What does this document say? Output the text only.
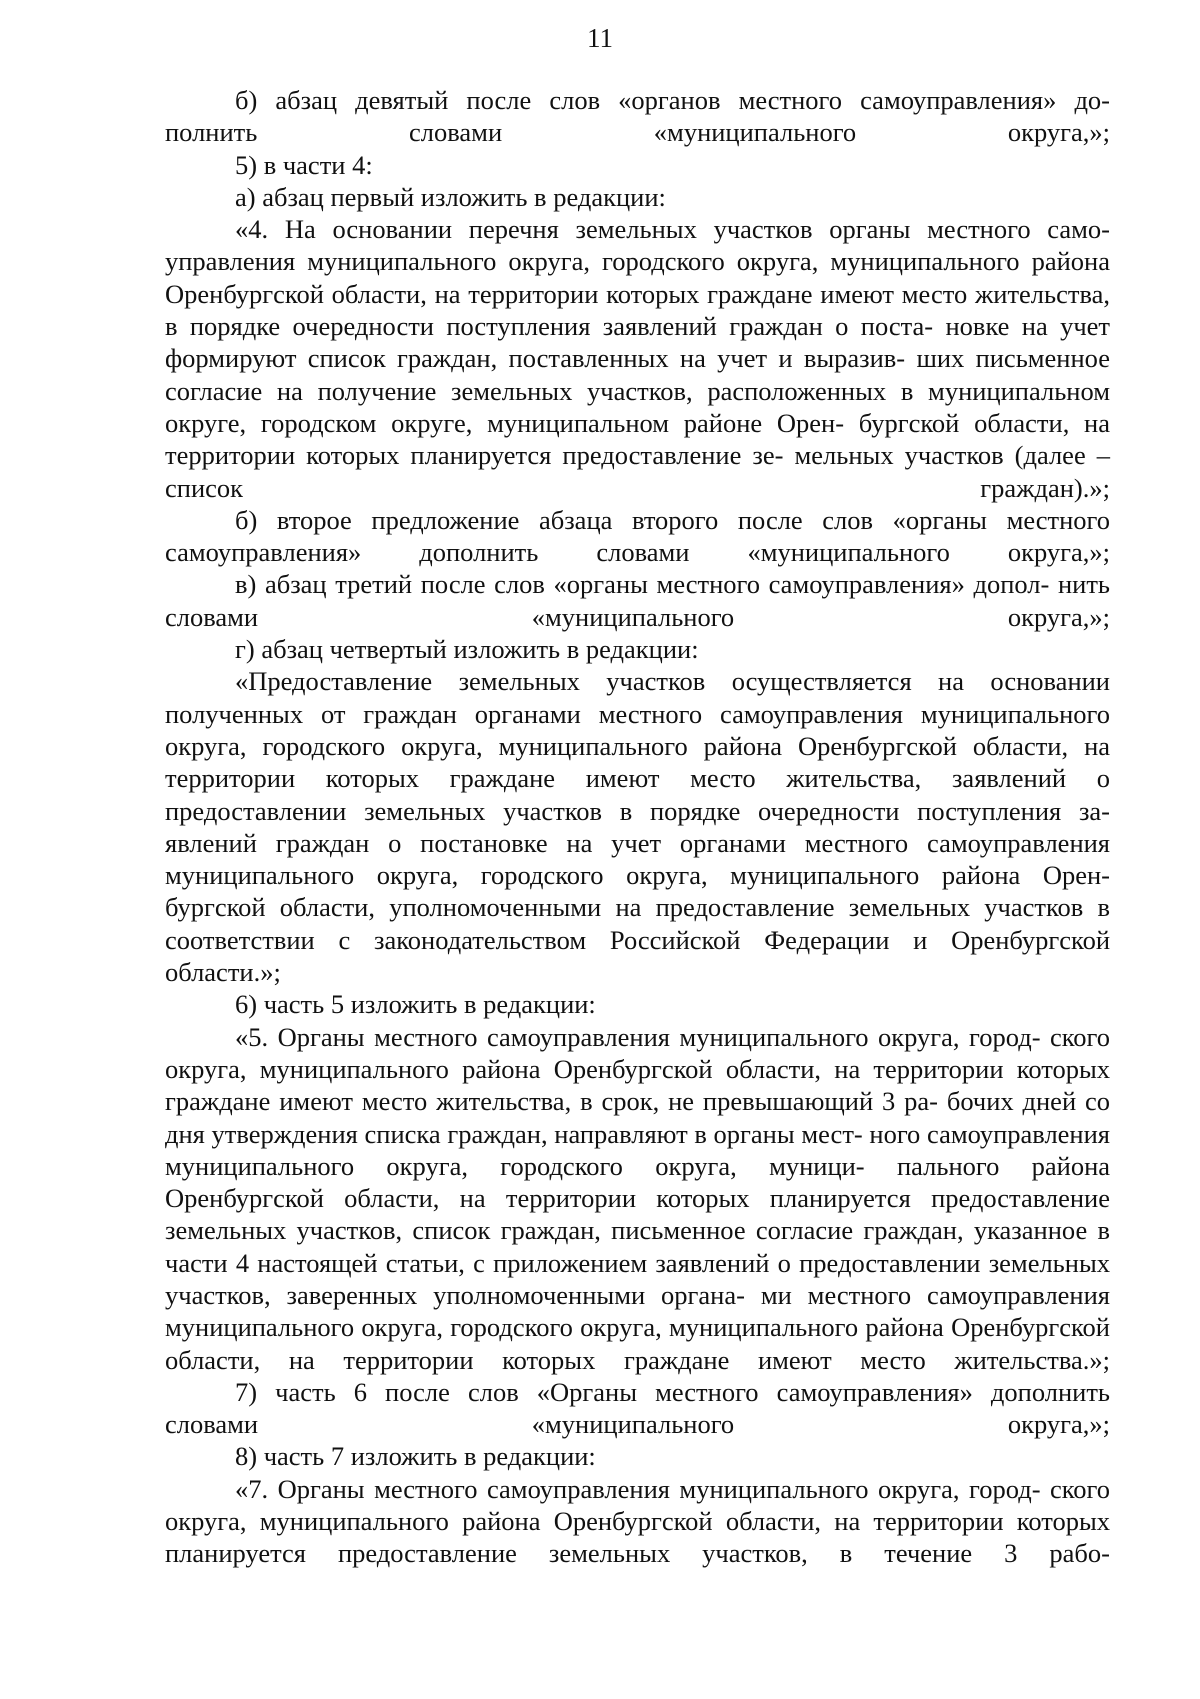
11

б) абзац девятый после слов «органов местного самоуправления» до- полнить словами «муниципального округа,»;

5) в части 4:

а) абзац первый изложить в редакции:

«4. На основании перечня земельных участков органы местного само- управления муниципального округа, городского округа, муниципального района Оренбургской области, на территории которых граждане имеют место жительства, в порядке очередности поступления заявлений граждан о поста- новке на учет формируют список граждан, поставленных на учет и выразив- ших письменное согласие на получение земельных участков, расположенных в муниципальном округе, городском округе, муниципальном районе Орен- бургской области, на территории которых планируется предоставление зе- мельных участков (далее – список граждан).»;

б) второе предложение абзаца второго после слов «органы местного самоуправления» дополнить словами «муниципального округа,»;

в) абзац третий после слов «органы местного самоуправления» допол- нить словами «муниципального округа,»;

г) абзац четвертый изложить в редакции:

«Предоставление земельных участков осуществляется на основании полученных от граждан органами местного самоуправления муниципального округа, городского округа, муниципального района Оренбургской области, на территории которых граждане имеют место жительства, заявлений о предоставлении земельных участков в порядке очередности поступления за- явлений граждан о постановке на учет органами местного самоуправления муниципального округа, городского округа, муниципального района Орен- бургской области, уполномоченными на предоставление земельных участков в соответствии с законодательством Российской Федерации и Оренбургской области.»;

6) часть 5 изложить в редакции:

«5. Органы местного самоуправления муниципального округа, город- ского округа, муниципального района Оренбургской области, на территории которых граждане имеют место жительства, в срок, не превышающий 3 ра- бочих дней со дня утверждения списка граждан, направляют в органы мест- ного самоуправления муниципального округа, городского округа, муници- пального района Оренбургской области, на территории которых планируется предоставление земельных участков, список граждан, письменное согласие граждан, указанное в части 4 настоящей статьи, с приложением заявлений о предоставлении земельных участков, заверенных уполномоченными органа- ми местного самоуправления муниципального округа, городского округа, муниципального района Оренбургской области, на территории которых граждане имеют место жительства.»;

7) часть 6 после слов «Органы местного самоуправления» дополнить словами «муниципального округа,»;

8) часть 7 изложить в редакции:

«7. Органы местного самоуправления муниципального округа, город- ского округа, муниципального района Оренбургской области, на территории которых планируется предоставление земельных участков, в течение 3 рабо-
